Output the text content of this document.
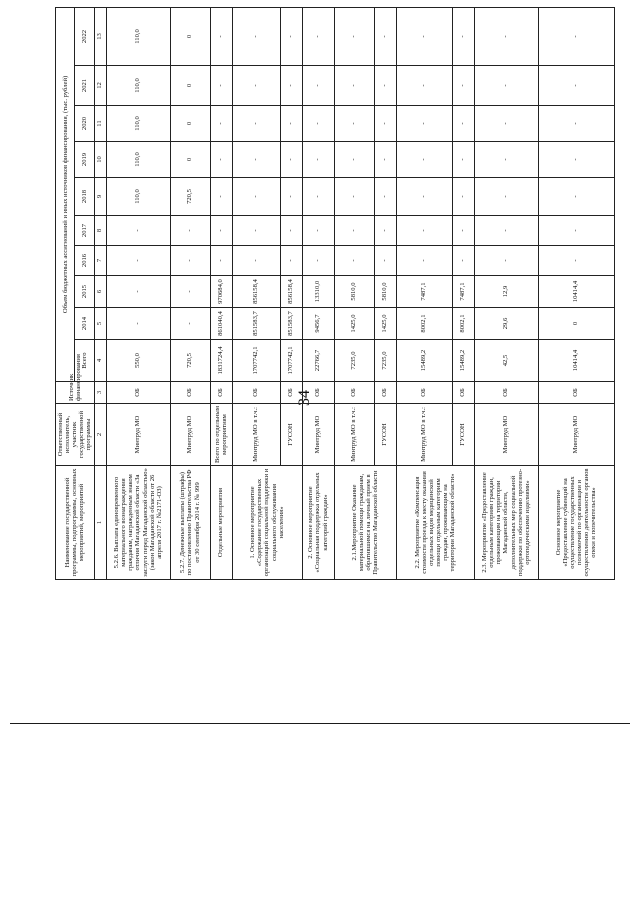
34
Наименование государственной программы, подпрограммы, основных мероприятий, мероприятий	Ответственный исполнитель, участник государственной программы	Источник финансирования	Объем бюджетных ассигнований и иных источников финансирования, (тыс. рублей)									
			Всего	2014	2015	2016	2017	2018	2019	2020	2021	2022
1	2	3	4	5	6	7	8	9	10	11	12	13
5.2.6. Выплата единовременного материального вознаграждения гражданам, награжденным знаком отличия Магаданской области «За заслуги перед Магаданской областью» (закон Магаданской области от 26 апреля 2017 г. №2171-ОЗ)	Минтруд МО	ОБ	550,0	-	-	-	-	110,0	110,0	110,0	110,0	110,0
5.2.7. Денежные выплаты (штрафы) по постановлению Правительства РФ от 30 сентября 2014 г. № 999	Минтруд МО	ОБ	720,5	-	-	-	-	720,5	0	0	0	0
Отдельные мероприятия	Всего по отдельным мероприятиям	ОБ	1831724,4	861040,4	970684,0	-	-	-	-	-	-	-
1. Основное мероприятие «Содержание государственных организаций социальной поддержки и социального обслуживания населения»	Минтруд МО в т.ч.:	ОБ	1707742,1	851583,7	856158,4	-	-	-	-	-	-	-
	ГУСОН	ОБ	1707742,1	851583,7	856158,4	-	-	-	-	-	-	-
2. Основное мероприятие «Социальная поддержка отдельных категорий граждан»	Минтруд МО	ОБ	22766,7	9456,7	13310,0	-	-	-	-	-	-	-
2.1.Мероприятие Оказание материальной помощи гражданам, обратившимся на личный прием в Правительство Магаданской области	Минтруд МО в т.ч.:	ОБ	7235,0	1425,0	5810,0	-	-	-	-	-	-	-
	ГУСОН	ОБ	7235,0	1425,0	5810,0	-	-	-	-	-	-	-
2.2. Мероприятие «Компенсация стоимости проезда к месту оказания отдельных видов медицинской помощи отдельным категориям граждан, проживающим на территории Магаданской области»	Минтруд МО в т.ч.:	ОБ	15489,2	8002,1	7487,1	-	-	-	-	-	-	-
	ГУСОН	ОБ	15489,2	8002,1	7487,1	-	-	-	-	-	-	-
2.3. Мероприятие «Предоставление отдельным категориям граждан, проживающим на территории Магаданской области, дополнительных мер социальной поддержки по обеспечению протезно-ортопедическими изделиями»	Минтруд МО	ОБ	42,5	29,6	12,9	-	-	-	-	-	-	-
Основное мероприятие «Предоставление субвенций на осуществление государственных полномочий по организации и осуществлению деятельности органов опеки и попечительства»	Минтруд МО	ОБ	10414,4	0	10414,4	-	-	-	-	-	-	-
